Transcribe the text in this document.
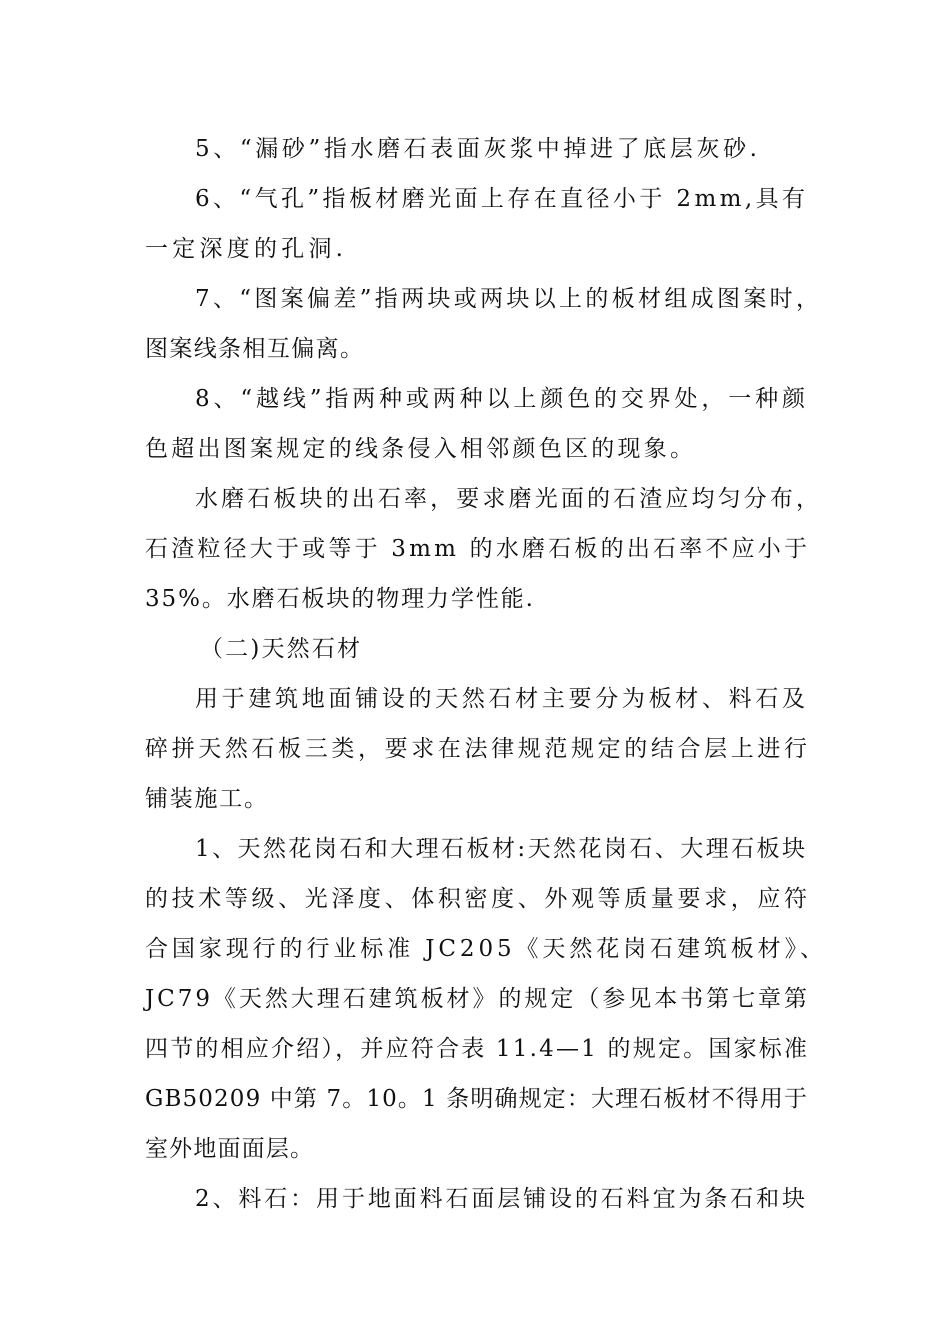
5、“漏砂”指水磨石表面灰浆中掉进了底层灰砂.
6、“气孔”指板材磨光面上存在直径小于 2mm,具有
一定深度的孔洞.
7、“图案偏差”指两块或两块以上的板材组成图案时，
图案线条相互偏离。
8、“越线”指两种或两种以上颜色的交界处，一种颜
色超出图案规定的线条侵入相邻颜色区的现象。
水磨石板块的出石率，要求磨光面的石渣应均匀分布，
石渣粒径大于或等于 3mm 的水磨石板的出石率不应小于
35%。水磨石板块的物理力学性能.
（二)天然石材
用于建筑地面铺设的天然石材主要分为板材、料石及
碎拼天然石板三类，要求在法律规范规定的结合层上进行
铺装施工。
1、天然花岗石和大理石板材:天然花岗石、大理石板块
的技术等级、光泽度、体积密度、外观等质量要求，应符
合国家现行的行业标准 JC205《天然花岗石建筑板材》、
JC79《天然大理石建筑板材》的规定（参见本书第七章第
四节的相应介绍），并应符合表 11.4—1 的规定。国家标准
GB50209 中第 7。10。1 条明确规定：大理石板材不得用于
室外地面面层。
2、料石：用于地面料石面层铺设的石料宜为条石和块
